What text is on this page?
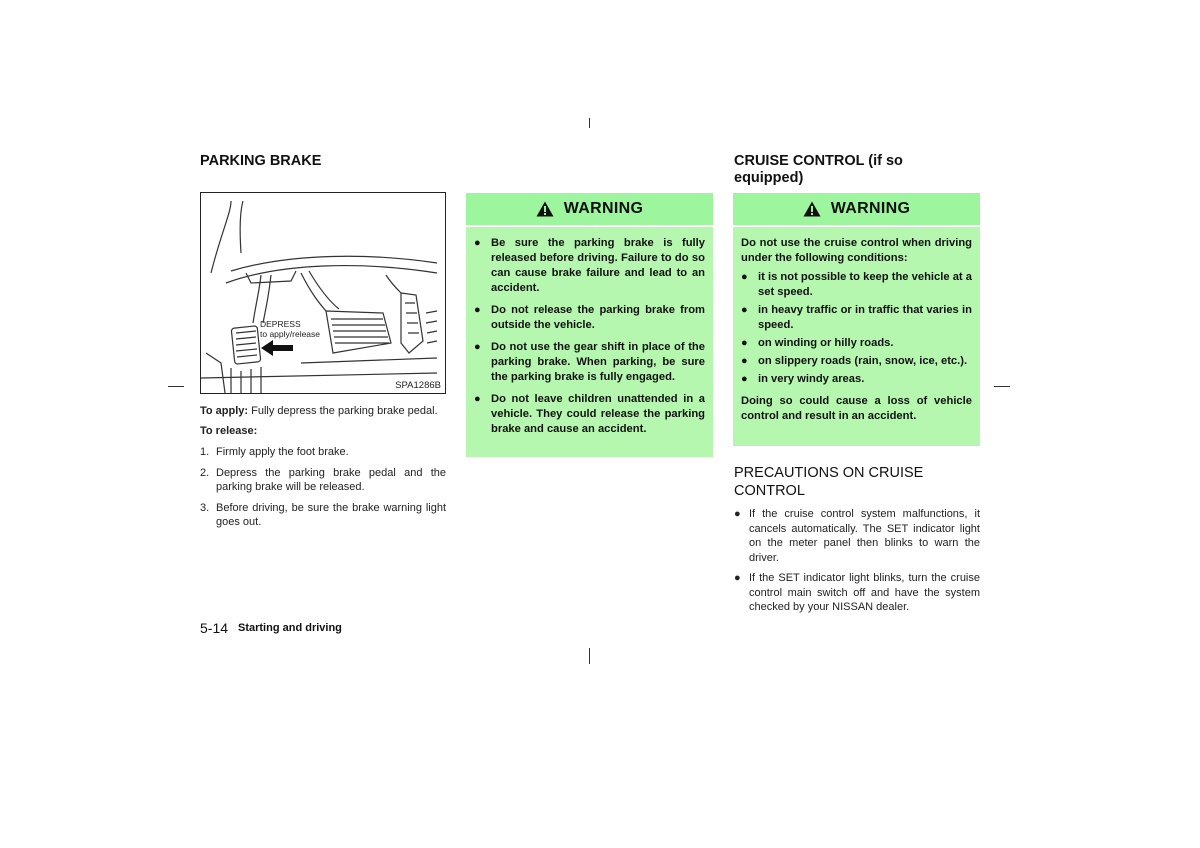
PARKING BRAKE
DEPRESS
to apply/release
SPA1286B
To apply: Fully depress the parking brake pedal.
To release:
1. Firmly apply the foot brake.
2. Depress the parking brake pedal and the parking brake will be released.
3. Before driving, be sure the brake warning light goes out.
WARNING
● Be sure the parking brake is fully released before driving. Failure to do so can cause brake failure and lead to an accident.
● Do not release the parking brake from outside the vehicle.
● Do not use the gear shift in place of the parking brake. When parking, be sure the parking brake is fully engaged.
● Do not leave children unattended in a vehicle. They could release the parking brake and cause an accident.
CRUISE CONTROL (if so
equipped)
WARNING
Do not use the cruise control when driving under the following conditions:
● it is not possible to keep the vehicle at a set speed.
● in heavy traffic or in traffic that varies in speed.
● on winding or hilly roads.
● on slippery roads (rain, snow, ice, etc.).
● in very windy areas.
Doing so could cause a loss of vehicle control and result in an accident.
PRECAUTIONS ON CRUISE
CONTROL
● If the cruise control system malfunctions, it cancels automatically. The SET indicator light on the meter panel then blinks to warn the driver.
● If the SET indicator light blinks, turn the cruise control main switch off and have the system checked by your NISSAN dealer.
5-14 Starting and driving
